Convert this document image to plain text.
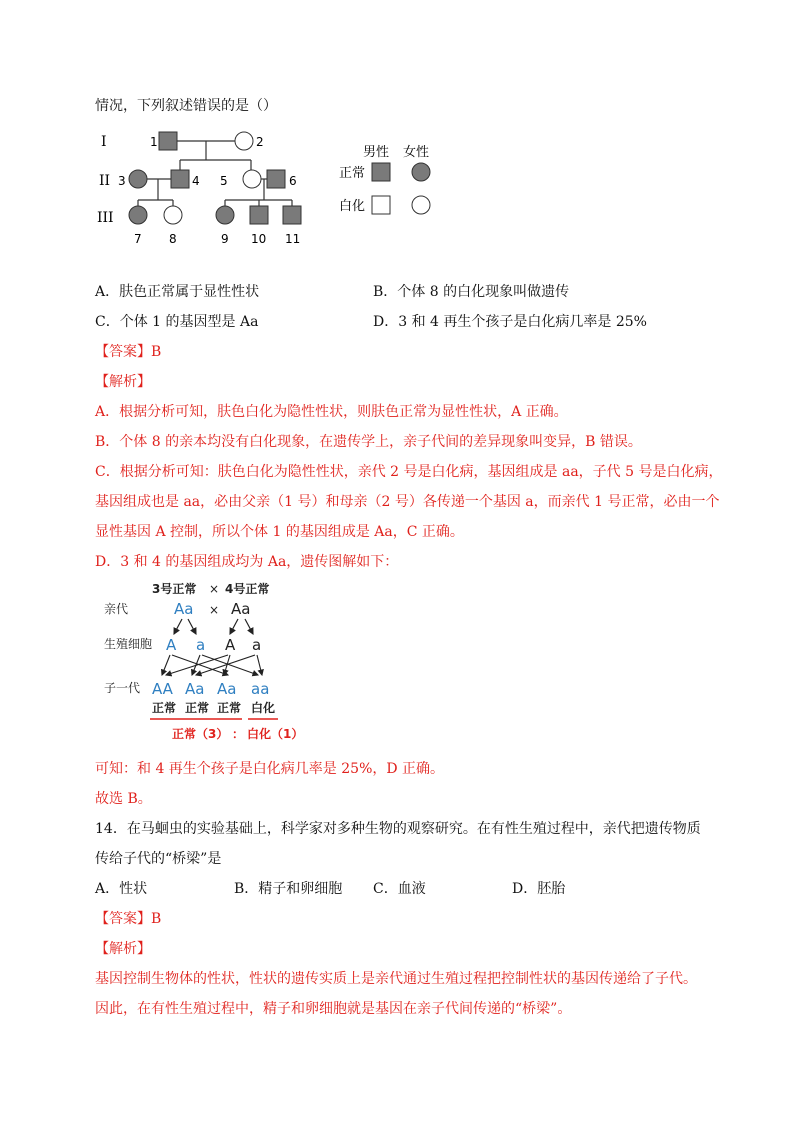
情况，下列叙述错误的是（）
I
II
III
1	2
3	4 5	6
7 8	9 10 11
男性 女性
正常
白化
A．肤色正常属于显性性状	B．个体 8 的白化现象叫做遗传
C．个体 1 的基因型是 Aa	D．3 和 4 再生个孩子是白化病几率是 25%
【答案】B
【解析】
A．根据分析可知，肤色白化为隐性性状，则肤色正常为显性性状，A 正确。
B．个体 8 的亲本均没有白化现象，在遗传学上，亲子代间的差异现象叫变异，B 错误。
C．根据分析可知：肤色白化为隐性性状，亲代 2 号是白化病，基因组成是 aa，子代 5 号是白化病，
基因组成也是 aa，必由父亲（1 号）和母亲（2 号）各传递一个基因 a，而亲代 1 号正常，必由一个
显性基因 A 控制，所以个体 1 的基因组成是 Aa，C 正确。
D．3 和 4 的基因组成均为 Aa，遗传图解如下：
3号正常 × 4号正常
亲代	Aa × Aa
生殖细胞 A a A a
子一代 AA Aa Aa aa
正常 正常 正常 白化
正常（3） ： 白化（1）
可知：和 4 再生个孩子是白化病几率是 25%，D 正确。
故选 B。
14．在马蛔虫的实验基础上，科学家对多种生物的观察研究。在有性生殖过程中，亲代把遗传物质
传给子代的“桥梁”是
A．性状	B．精子和卵细胞 C．血液	D．胚胎
【答案】B
【解析】
基因控制生物体的性状，性状的遗传实质上是亲代通过生殖过程把控制性状的基因传递给了子代。
因此，在有性生殖过程中，精子和卵细胞就是基因在亲子代间传递的“桥梁”。
